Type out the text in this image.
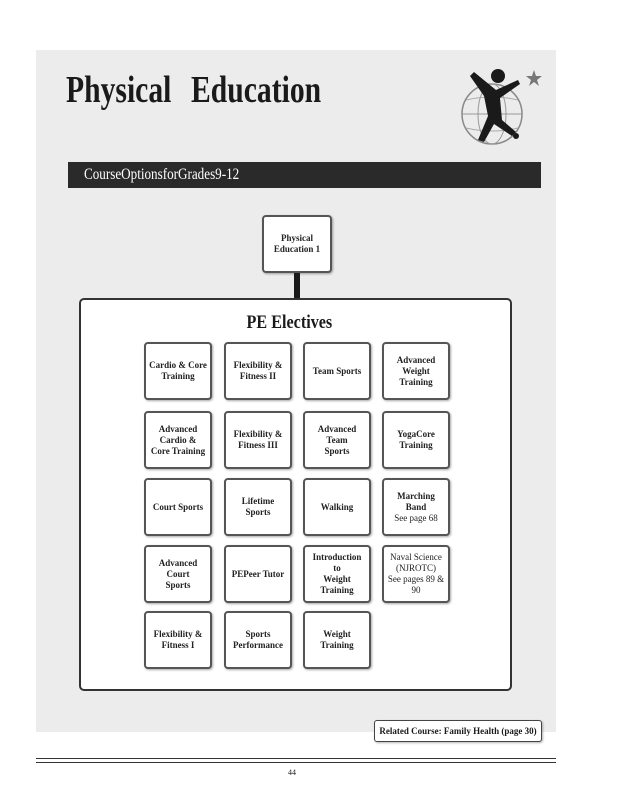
Physical Education
CourseOptionsforGrades9-12
Physical
Education 1
PE Electives
Cardio & Core
Training
Flexibility &
Fitness II
Team Sports
Advanced Weight
Training
Advanced Cardio &
Core Training
Flexibility &
Fitness III
Advanced Team
Sports
YogaCore Training
Court Sports
Lifetime Sports
Walking
Marching Band
See page 68
Advanced Court
Sports
PEPeer Tutor
Introduction to
Weight Training
Naval Science
(NJROTC)
See pages 89 & 90
Flexibility &
Fitness I
Sports
Performance
Weight Training
Related Course: Family Health (page 30)
44
